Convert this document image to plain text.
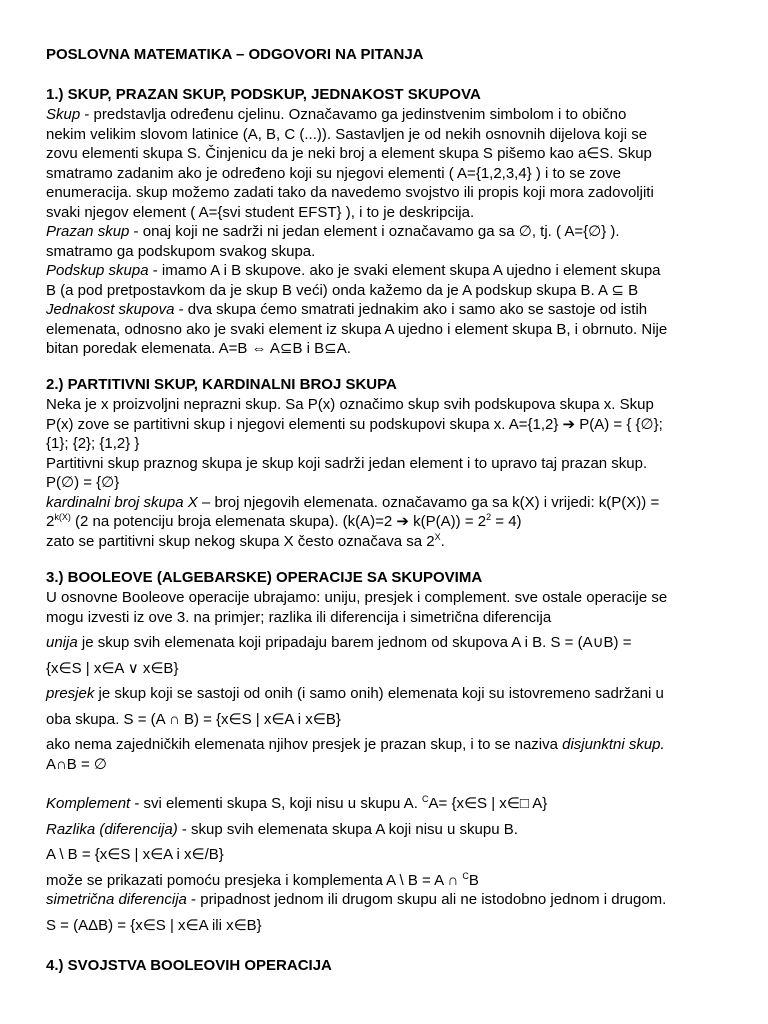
POSLOVNA MATEMATIKA – ODGOVORI NA PITANJA
1.) SKUP, PRAZAN SKUP, PODSKUP, JEDNAKOST SKUPOVA

Skup - predstavlja određenu cjelinu. Označavamo ga jedinstvenim simbolom i to obično
nekim velikim slovom latinice (A, B, C (...)). Sastavljen je od nekih osnovnih dijelova koji se
zovu elementi skupa S. Činjenicu da je neki broj a element skupa S pišemo kao a∈S. Skup
smatramo zadanim ako je određeno koji su njegovi elementi ( A={1,2,3,4} ) i to se zove
enumeracija. skup možemo zadati tako da navedemo svojstvo ili propis koji mora zadovoljiti
svaki njegov element ( A={svi student EFST} ), i to je deskripcija.

Prazan skup - onaj koji ne sadrži ni jedan element i označavamo ga sa ∅, tj. ( A={∅} ).
smatramo ga podskupom svakog skupa.

Podskup skupa - imamo A i B skupove. ako je svaki element skupa A ujedno i element skupa
B (a pod pretpostavkom da je skup B veći) onda kažemo da je A podskup skupa B. A ⊆ B

Jednakost skupova - dva skupa ćemo smatrati jednakim ako i samo ako se sastoje od istih
elemenata, odnosno ako je svaki element iz skupa A ujedno i element skupa B, i obrnuto. Nije
bitan poredak elemenata. A=B ⇔ A⊆B i B⊆A.

2.) PARTITIVNI SKUP, KARDINALNI BROJ SKUPA

Neka je x proizvoljni neprazni skup. Sa P(x) označimo skup svih podskupova skupa x. Skup
P(x) zove se partitivni skup i njegovi elementi su podskupovi skupa x. A={1,2} ➔ P(A) = { {∅};
{1}; {2}; {1,2} }
Partitivni skup praznog skupa je skup koji sadrži jedan element i to upravo taj prazan skup.
P(∅) = {∅}

kardinalni broj skupa X – broj njegovih elemenata. označavamo ga sa k(X) i vrijedi: k(P(X)) =
$2^{k(X)}$ (2 na potenciju broja elemenata skupa). (k(A)=2 ➔ $k(P(A)) = 2^2 = 4$)
zato se partitivni skup nekog skupa X često označava sa $2^X$.

3.) BOOLEOVE (ALGEBARSKE) OPERACIJE SA SKUPOVIMA

U osnovne Booleove operacije ubrajamo: uniju, presjek i complement. sve ostale operacije se
mogu izvesti iz ove 3. na primjer; razlika ili diferencija i simetrična diferencija

unija je skup svih elemenata koji pripadaju barem jednom od skupova A i B. S = (A∪B) =

{x∈S | x∈A ∨ x∈B}

presjek je skup koji se sastoji od onih (i samo onih) elemenata koji su istovremeno sadržani u

oba skupa. S = (A ∩ B) = {x∈S | x∈A i x∈B}

ako nema zajedničkih elemenata njihov presjek je prazan skup, i to se naziva disjunktni skup.
A∩B = ∅

Komplement - svi elementi skupa S, koji nisu u skupu A. $^C$A= {x∈S | x∈□ A}

Razlika (diferencija) - skup svih elemenata skupa A koji nisu u skupu B.

A \ B = {x∈S | x∈A i x∈/B}

može se prikazati pomoću presjeka i komplementa A \ B = A ∩ $^C$B
simetrična diferencija - pripadnost jednom ili drugom skupu ali ne istodobno jednom i drugom.

S = (AΔB) = {x∈S | x∈A ili x∈B}

4.) SVOJSTVA BOOLEOVIH OPERACIJA
